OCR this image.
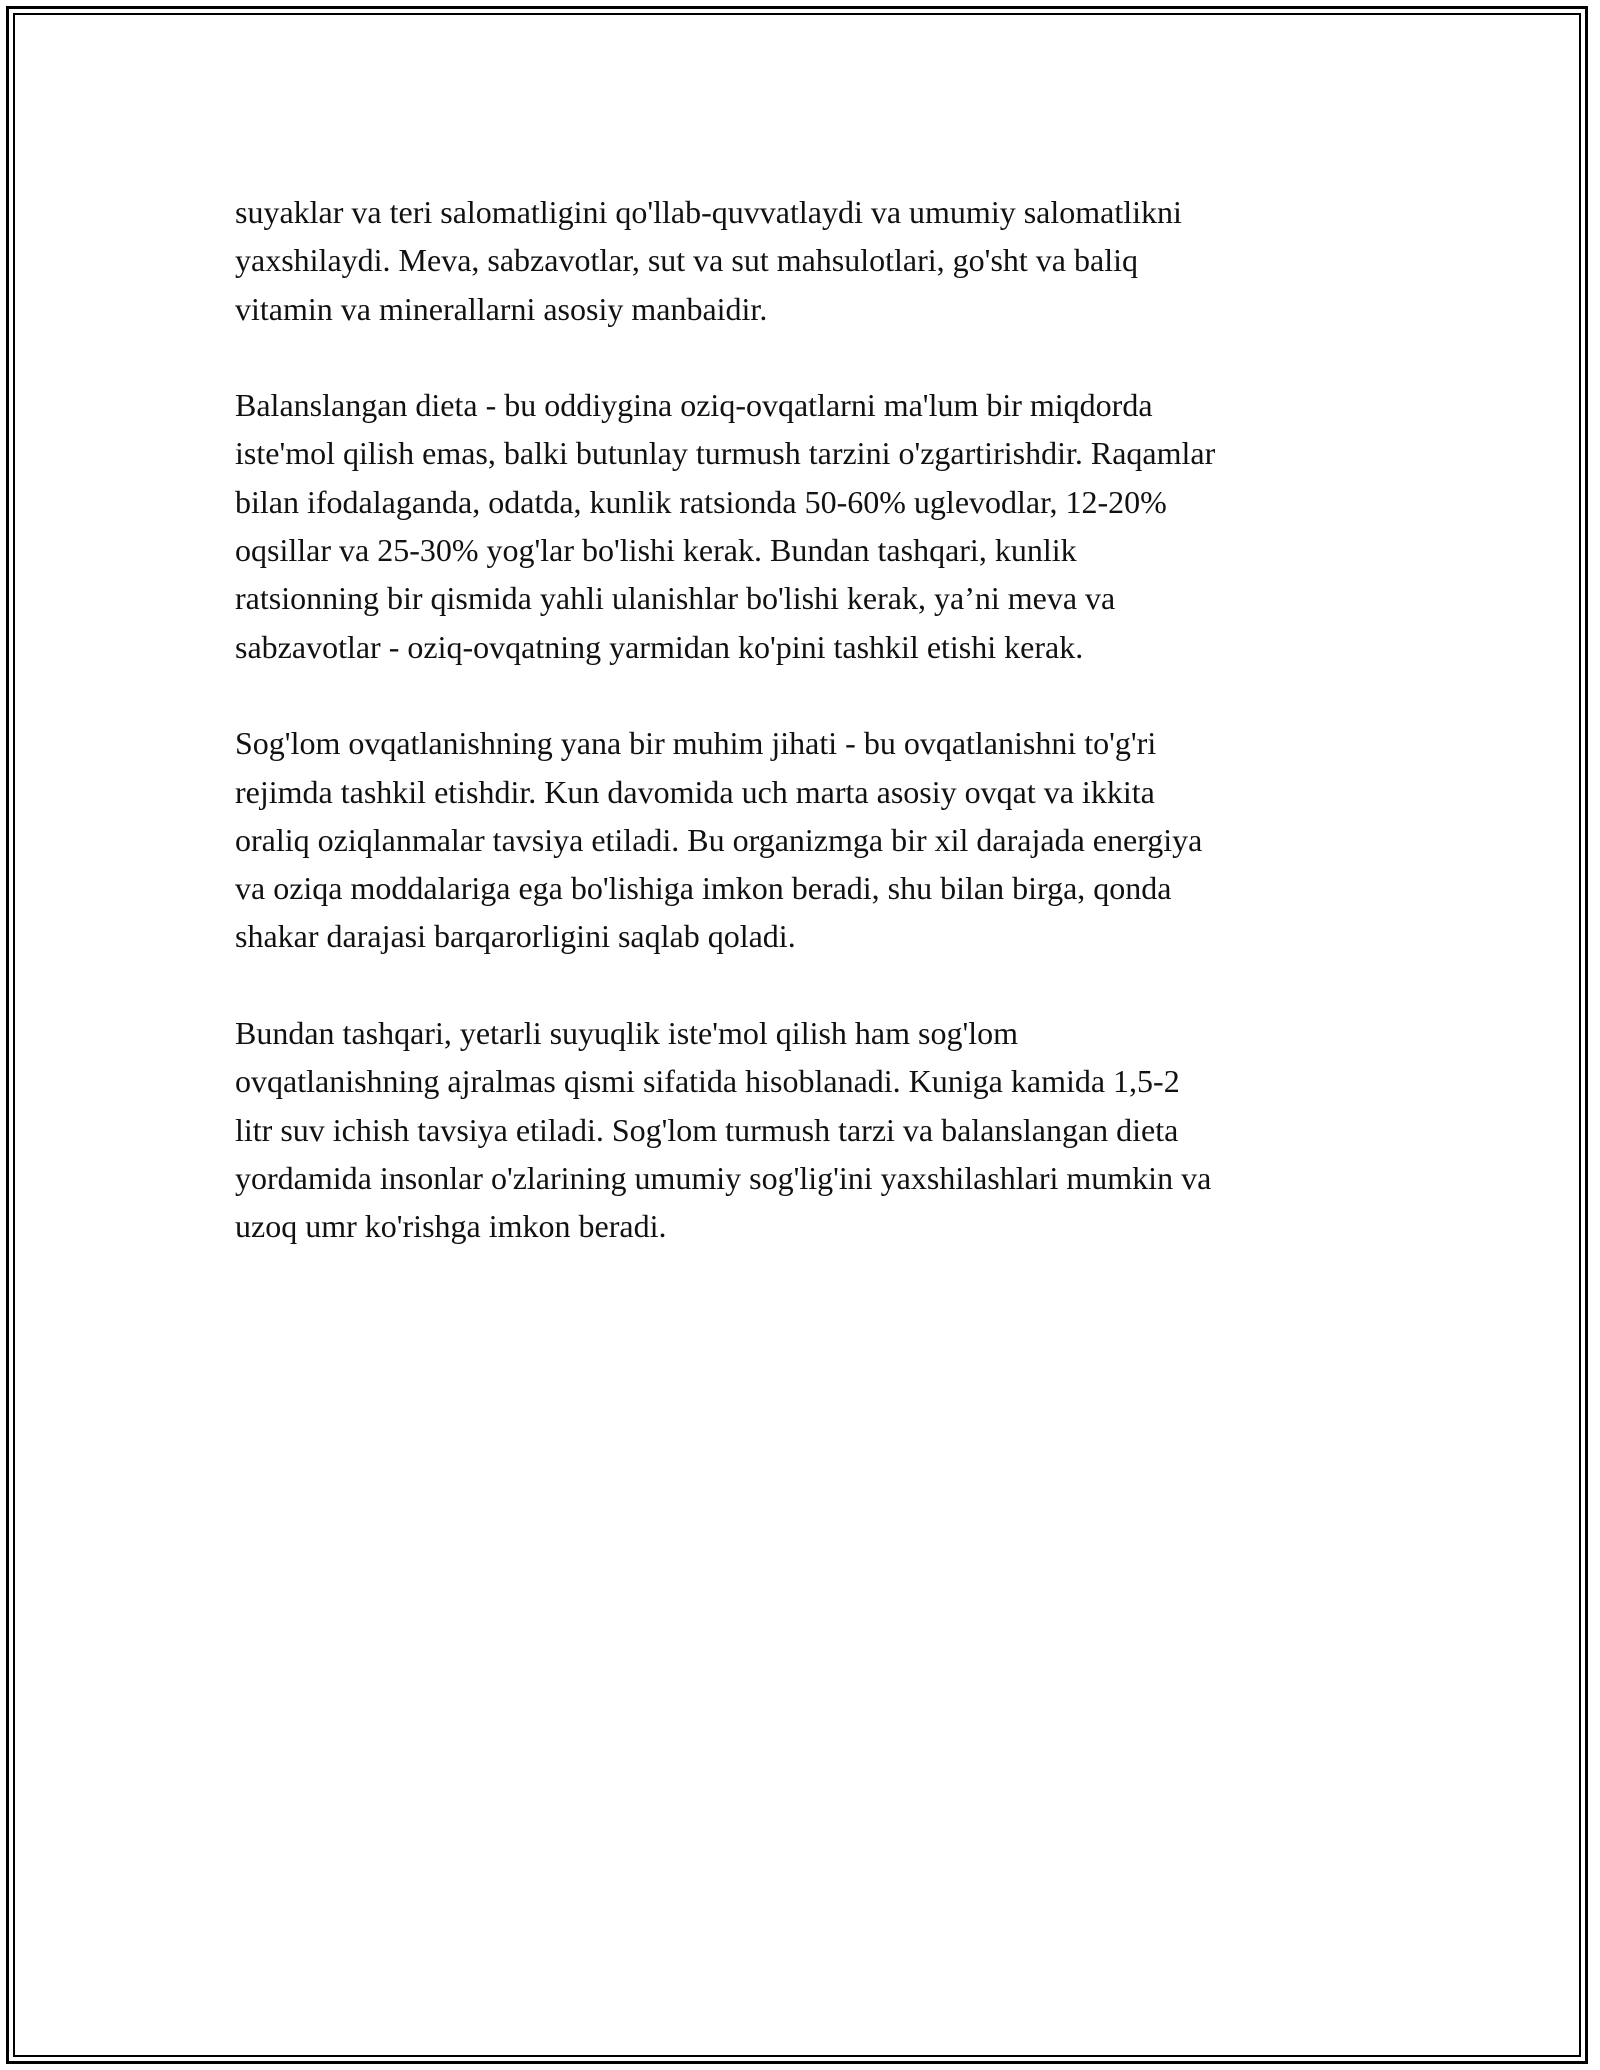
suyaklar va teri salomatligini qo'llab-quvvatlaydi va umumiy salomatlikni
yaxshilaydi. Meva, sabzavotlar, sut va sut mahsulotlari, go'sht va baliq
vitamin va minerallarni asosiy manbaidir.

Balanslangan dieta - bu oddiygina oziq-ovqatlarni ma'lum bir miqdorda
iste'mol qilish emas, balki butunlay turmush tarzini o'zgartirishdir. Raqamlar
bilan ifodalaganda, odatda, kunlik ratsionda 50-60% uglevodlar, 12-20%
oqsillar va 25-30% yog'lar bo'lishi kerak. Bundan tashqari, kunlik
ratsionning bir qismida yahli ulanishlar bo'lishi kerak, ya’ni meva va
sabzavotlar - oziq-ovqatning yarmidan ko'pini tashkil etishi kerak.

Sog'lom ovqatlanishning yana bir muhim jihati - bu ovqatlanishni to'g'ri
rejimda tashkil etishdir. Kun davomida uch marta asosiy ovqat va ikkita
oraliq oziqlanmalar tavsiya etiladi. Bu organizmga bir xil darajada energiya
va oziqa moddalariga ega bo'lishiga imkon beradi, shu bilan birga, qonda
shakar darajasi barqarorligini saqlab qoladi.

Bundan tashqari, yetarli suyuqlik iste'mol qilish ham sog'lom
ovqatlanishning ajralmas qismi sifatida hisoblanadi. Kuniga kamida 1,5-2
litr suv ichish tavsiya etiladi. Sog'lom turmush tarzi va balanslangan dieta
yordamida insonlar o'zlarining umumiy sog'lig'ini yaxshilashlari mumkin va
uzoq umr ko'rishga imkon beradi.
